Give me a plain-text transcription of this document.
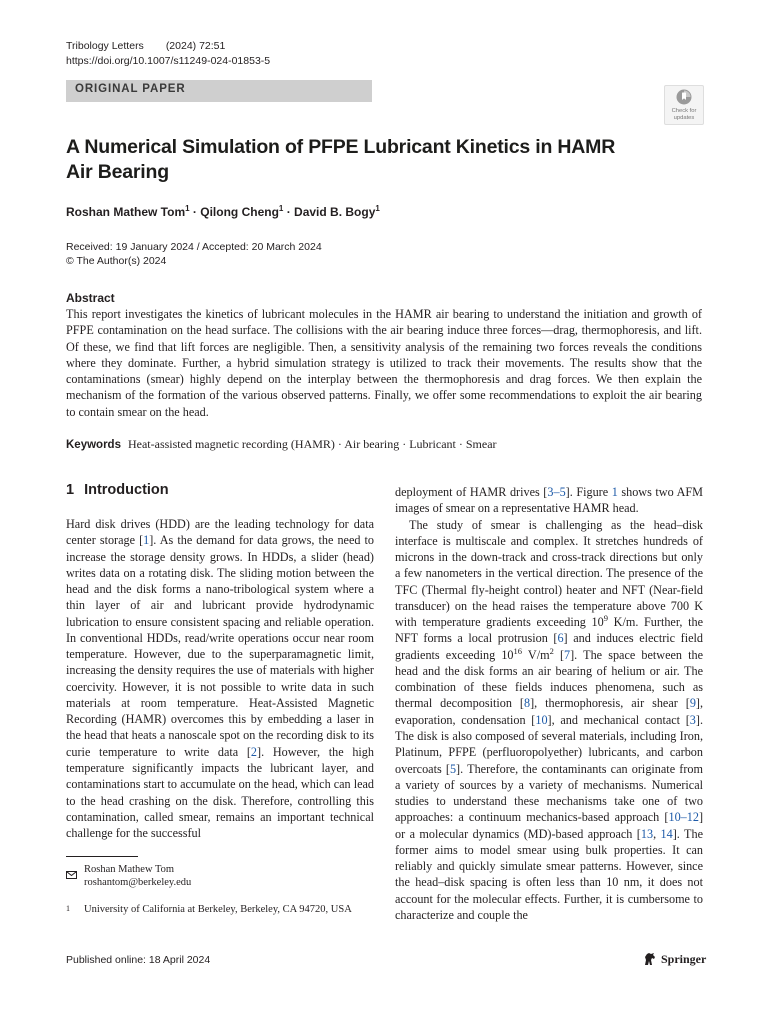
Tribology Letters (2024) 72:51
https://doi.org/10.1007/s11249-024-01853-5
ORIGINAL PAPER
Check for
updates
A Numerical Simulation of PFPE Lubricant Kinetics in HAMR Air Bearing
Roshan Mathew Tom$^1$ · Qilong Cheng$^1$ · David B. Bogy$^1$
Received: 19 January 2024 / Accepted: 20 March 2024
© The Author(s) 2024
Abstract
This report investigates the kinetics of lubricant molecules in the HAMR air bearing to understand the initiation and growth of PFPE contamination on the head surface. The collisions with the air bearing induce three forces—drag, thermophoresis, and lift. Of these, we find that lift forces are negligible. Then, a sensitivity analysis of the remaining two forces reveals the conditions where they dominate. Further, a hybrid simulation strategy is utilized to track their movements. The results show that the contaminations (smear) highly depend on the interplay between the thermophoresis and drag forces. We then explain the mechanism of the formation of the various observed patterns. Finally, we offer some recommendations to exploit the air bearing to contain smear on the head.
Keywords Heat-assisted magnetic recording (HAMR) · Air bearing · Lubricant · Smear
1 Introduction

Hard disk drives (HDD) are the leading technology for data center storage [1]. As the demand for data grows, the need to increase the storage density grows. In HDDs, a slider (head) writes data on a rotating disk. The sliding motion between the head and the disk forms a nano-tribological system where a thin layer of air and lubricant provide hydrodynamic lubrication to ensure consistent spacing and reliable operation. In conventional HDDs, read/write operations occur near room temperature. However, due to the superparamagnetic limit, increasing the density requires the use of materials with higher coercivity. However, it is not possible to write data in such materials at room temperature. Heat-Assisted Magnetic Recording (HAMR) overcomes this by embedding a laser in the head that heats a nanoscale spot on the recording disk to its curie temperature to write data [2]. However, the high temperature significantly impacts the lubricant layer, and contaminations start to accumulate on the head, which can lead to the head crashing on the disk. Therefore, controlling this contamination, called smear, remains an important technical challenge for the successful

deployment of HAMR drives [3–5]. Figure 1 shows two AFM images of smear on a representative HAMR head.

The study of smear is challenging as the head–disk interface is multiscale and complex. It stretches hundreds of microns in the down-track and cross-track directions but only a few nanometers in the vertical direction. The presence of the TFC (Thermal fly-height control) heater and NFT (Near-field transducer) on the head raises the temperature above 700 K with temperature gradients exceeding $10^9$ K/m. Further, the NFT forms a local protrusion [6] and induces electric field gradients exceeding $10^{16}$ $V/m^2$ [7]. The space between the head and the disk forms an air bearing of helium or air. The combination of these fields induces phenomena, such as thermal decomposition [8], thermophoresis, air shear [9], evaporation, condensation [10], and mechanical contact [3]. The disk is also composed of several materials, including Iron, Platinum, PFPE (perfluoropolyether) lubricants, and carbon overcoats [5]. Therefore, the contaminants can originate from a variety of sources by a variety of mechanisms. Numerical studies to understand these mechanisms take one of two approaches: a continuum mechanics-based approach [10–12] or a molecular dynamics (MD)-based approach [13, 14]. The former aims to model smear using bulk properties. It can reliably and quickly simulate smear patterns. However, since the head–disk spacing is often less than 10 nm, it does not account for the molecular effects. Further, it is cumbersome to characterize and couple the

Roshan Mathew Tom
roshantom@berkeley.edu
1 University of California at Berkeley, Berkeley, CA 94720, USA
Published online: 18 April 2024	Springer
